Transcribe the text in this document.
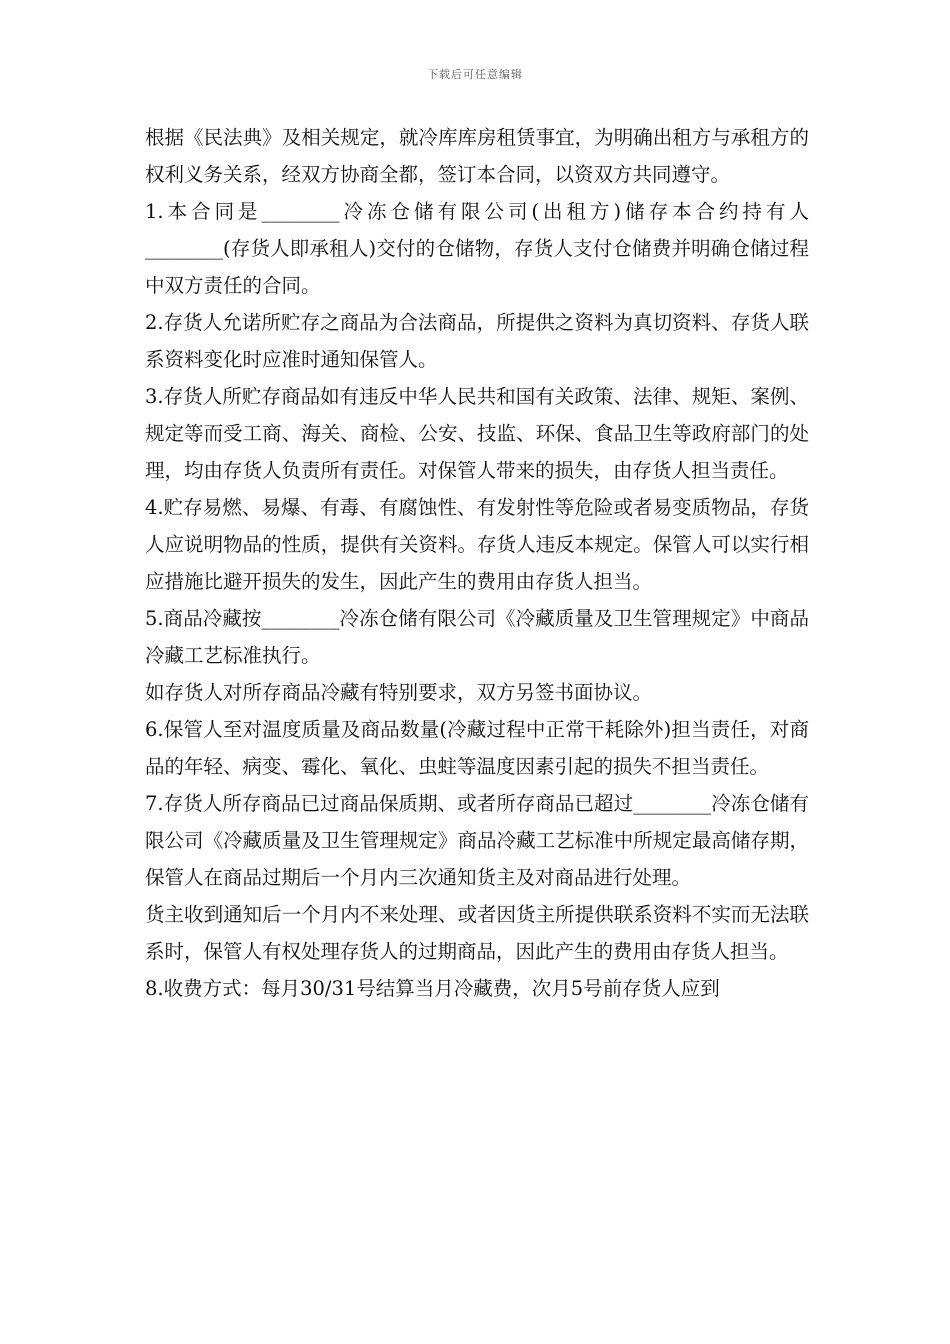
下载后可任意编辑

根据《民法典》及相关规定，就冷库库房租赁事宜，为明确出租方与承租方的权利义务关系，经双方协商全都，签订本合同，以资双方共同遵守。

1.本合同是________冷冻仓储有限公司(出租方)储存本合约持有人________(存货人即承租人)交付的仓储物，存货人支付仓储费并明确仓储过程中双方责任的合同。

2.存货人允诺所贮存之商品为合法商品，所提供之资料为真切资料、存货人联系资料变化时应准时通知保管人。

3.存货人所贮存商品如有违反中华人民共和国有关政策、法律、规矩、案例、规定等而受工商、海关、商检、公安、技监、环保、食品卫生等政府部门的处理，均由存货人负责所有责任。对保管人带来的损失，由存货人担当责任。

4.贮存易燃、易爆、有毒、有腐蚀性、有发射性等危险或者易变质物品，存货人应说明物品的性质，提供有关资料。存货人违反本规定。保管人可以实行相应措施比避开损失的发生，因此产生的费用由存货人担当。

5.商品冷藏按________冷冻仓储有限公司《冷藏质量及卫生管理规定》中商品冷藏工艺标准执行。

如存货人对所存商品冷藏有特别要求，双方另签书面协议。

6.保管人至对温度质量及商品数量(冷藏过程中正常干耗除外)担当责任，对商品的年轻、病变、霉化、氧化、虫蛀等温度因素引起的损失不担当责任。

7.存货人所存商品已过商品保质期、或者所存商品已超过________冷冻仓储有限公司《冷藏质量及卫生管理规定》商品冷藏工艺标准中所规定最高储存期，保管人在商品过期后一个月内三次通知货主及对商品进行处理。

货主收到通知后一个月内不来处理、或者因货主所提供联系资料不实而无法联系时，保管人有权处理存货人的过期商品，因此产生的费用由存货人担当。

8.收费方式：每月30/31号结算当月冷藏费，次月5号前存货人应到
